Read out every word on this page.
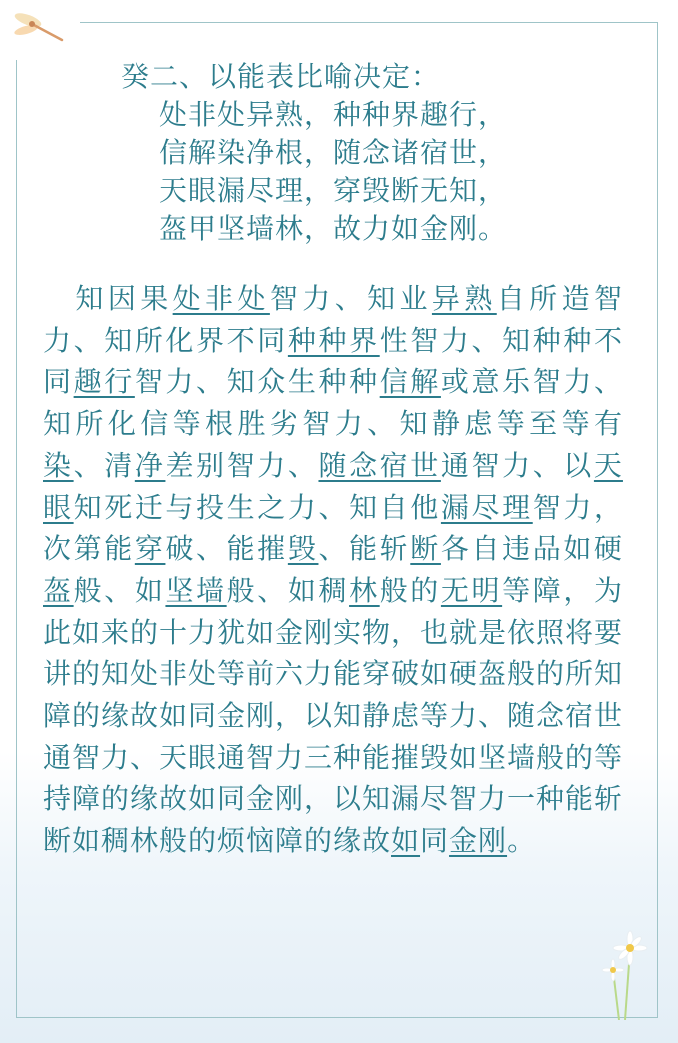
癸二、以能表比喻决定：

处非处异熟，种种界趣行，

信解染净根，随念诸宿世，

天眼漏尽理，穿毁断无知，

盔甲坚墙林，故力如金刚。

　知因果处非处智力、知业异熟自所造智力、知所化界不同种种界性智力、知种种不同趣行智力、知众生种种信解或意乐智力、知所化信等根胜劣智力、知静虑等至等有染、清净差别智力、随念宿世通智力、以天眼知死迁与投生之力、知自他漏尽理智力，次第能穿破、能摧毁、能斩断各自违品如硬盔般、如坚墙般、如稠林般的无明等障，为此如来的十力犹如金刚实物，也就是依照将要讲的知处非处等前六力能穿破如硬盔般的所知障的缘故如同金刚，以知静虑等力、随念宿世通智力、天眼通智力三种能摧毁如坚墙般的等持障的缘故如同金刚，以知漏尽智力一种能斩断如稠林般的烦恼障的缘故如同金刚。
